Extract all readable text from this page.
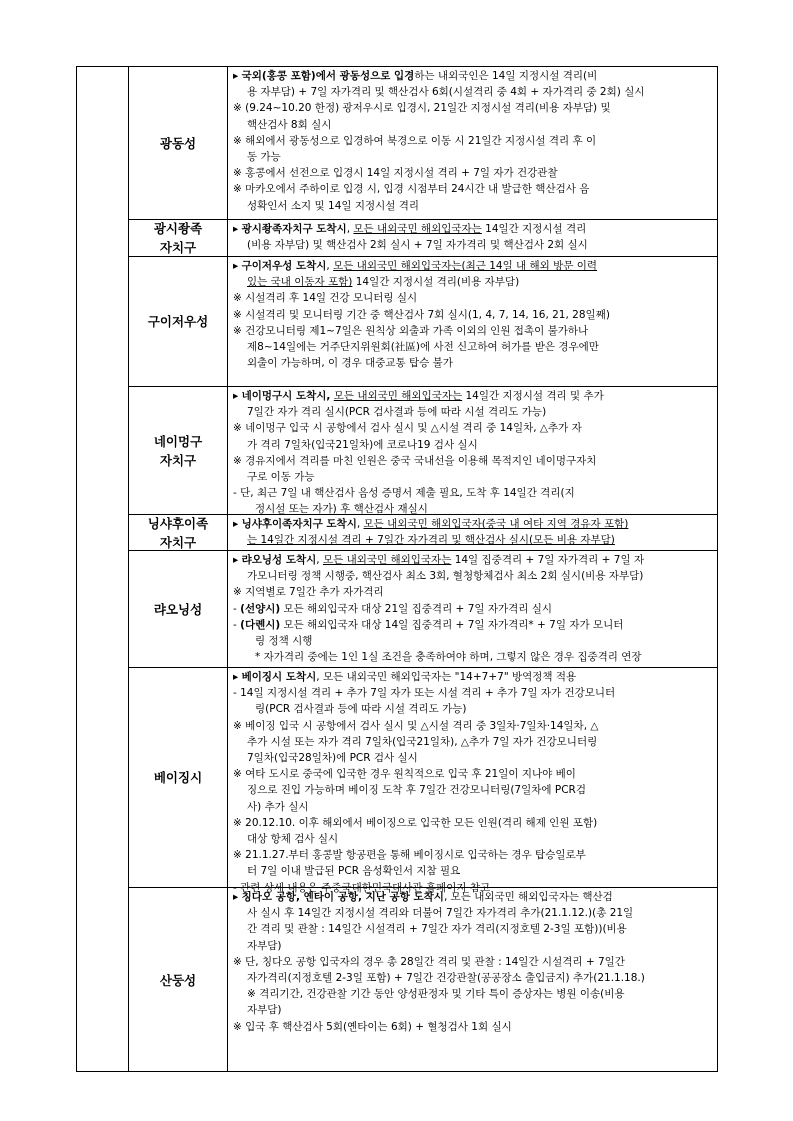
광동성
▸ 국외(홍콩 포함)에서 광동성으로 입경하는 내외국인은 14일 지정시설 격리(비
용 자부담) + 7일 자가격리 및 핵산검사 6회(시설격리 중 4회 + 자가격리 중 2회) 실시
※ (9.24~10.20 한정) 광저우시로 입경시, 21일간 지정시설 격리(비용 자부담) 및
핵산검사 8회 실시
※ 해외에서 광동성으로 입경하여 북경으로 이동 시 21일간 지정시설 격리 후 이
동 가능
※ 홍콩에서 선전으로 입경시 14일 지정시설 격리 + 7일 자가 건강관찰
※ 마카오에서 주하이로 입경 시, 입경 시점부터 24시간 내 발급한 핵산검사 음
성확인서 소지 및 14일 지정시설 격리
광시좡족
자치구
▸ 광시좡족자치구 도착시, 모든 내외국민 해외입국자는 14일간 지정시설 격리
(비용 자부담) 및 핵산검사 2회 실시 + 7일 자가격리 및 핵산검사 2회 실시
구이저우성
▸ 구이저우성 도착시, 모든 내외국민 해외입국자는(최근 14일 내 해외 방문 이력
있는 국내 이동자 포함) 14일간 지정시설 격리(비용 자부담)
※ 시설격리 후 14일 건강 모니터링 실시
※ 시설격리 및 모니터링 기간 중 핵산검사 7회 실시(1, 4, 7, 14, 16, 21, 28일째)
※ 건강모니터링 제1~7일은 원칙상 외출과 가족 이외의 인원 접촉이 불가하나
제8~14일에는 거주단지위원회(社區)에 사전 신고하여 허가를 받은 경우에만
외출이 가능하며, 이 경우 대중교통 탑승 불가
네이멍구
자치구
▸ 네이멍구시 도착시, 모든 내외국민 해외입국자는 14일간 지정시설 격리 및 추가
7일간 자가 격리 실시(PCR 검사결과 등에 따라 시설 격리도 가능)
※ 네이멍구 입국 시 공항에서 검사 실시 및 △시설 격리 중 14일차, △추가 자
가 격리 7일차(입국21일차)에 코로나19 검사 실시
※ 경유지에서 격리를 마친 인원은 중국 국내선을 이용해 목적지인 네이멍구자치
구로 이동 가능
- 단, 최근 7일 내 핵산검사 음성 증명서 제출 필요, 도착 후 14일간 격리(지
정시설 또는 자가) 후 핵산검사 재실시
닝샤후이족
자치구
▸ 닝샤후이족자치구 도착시, 모든 내외국민 해외입국자(중국 내 여타 지역 경유자 포함)
는 14일간 지정시설 격리 + 7일간 자가격리 및 핵산검사 실시(모든 비용 자부담)
랴오닝성
▸ 랴오닝성 도착시, 모든 내외국민 해외입국자는 14일 집중격리 + 7일 자가격리 + 7일 자
가모니터링 정책 시행중, 핵산검사 최소 3회, 혈청항체검사 최소 2회 실시(비용 자부담)
※ 지역별로 7일간 추가 자가격리
- (선양시) 모든 해외입국자 대상 21일 집중격리 + 7일 자가격리 실시
- (다롄시) 모든 해외입국자 대상 14일 집중격리 + 7일 자가격리* + 7일 자가 모니터
링 정책 시행
* 자가격리 중에는 1인 1실 조건을 충족하여야 하며, 그렇지 않은 경우 집중격리 연장
베이징시
▸ 베이징시 도착시, 모든 내외국민 해외입국자는 "14+7+7" 방역정책 적용
- 14일 지정시설 격리 + 추가 7일 자가 또는 시설 격리 + 추가 7일 자가 건강모니터
링(PCR 검사결과 등에 따라 시설 격리도 가능)
※ 베이징 입국 시 공항에서 검사 실시 및 △시설 격리 중 3일차·7일차·14일차, △
추가 시설 또는 자가 격리 7일차(입국21일차), △추가 7일 자가 건강모니터링
7일차(입국28일차)에 PCR 검사 실시
※ 여타 도시로 중국에 입국한 경우 원칙적으로 입국 후 21일이 지나야 베이
징으로 진입 가능하며 베이징 도착 후 7일간 건강모니터링(7일차에 PCR검
사) 추가 실시
※ 20.12.10. 이후 해외에서 베이징으로 입국한 모든 인원(격리 해제 인원 포함)
대상 항체 검사 실시
※ 21.1.27.부터 홍콩발 항공편을 통해 베이징시로 입국하는 경우 탑승일로부
터 7일 이내 발급된 PCR 음성확인서 지참 필요
- 관련 상세 내용은 주중국대한민국대사관 홈페이지 참고
산둥성
▸ 칭다오 공항, 옌타이 공항, 지난 공항 도착시, 모든 내외국민 해외입국자는 핵산검
사 실시 후 14일간 지정시설 격리와 더불어 7일간 자가격리 추가(21.1.12.)(총 21일
간 격리 및 관찰 : 14일간 시설격리 + 7일간 자가 격리(지정호텔 2-3일 포함))(비용
자부담)
※ 단, 칭다오 공항 입국자의 경우 총 28일간 격리 및 관찰 : 14일간 시설격리 + 7일간
자가격리(지정호텔 2-3일 포함) + 7일간 건강관찰(공공장소 출입금지) 추가(21.1.18.)
※ 격리기간, 건강관찰 기간 동안 양성판정자 및 기타 특이 증상자는 병원 이송(비용
자부담)
※ 입국 후 핵산검사 5회(옌타이는 6회) + 혈청검사 1회 실시
